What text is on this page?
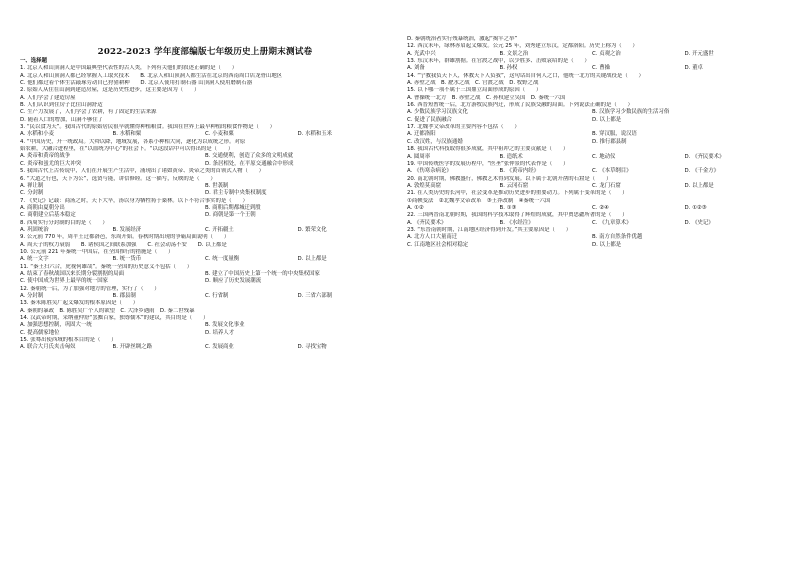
2022-2023 学年度部编版七年级历史上册期末测试卷
一、选择题
1. 北京人和山顶洞人是中国最典型代表性的古人类，下列有关他们的叙述正确的是（　　）
A. 北京人和山顶洞人都已经掌握人工取火技术　　B. 北京人和山顶洞人都生活在北京的西南周口店龙骨山地区
C. 他们都过着个体生活敲琢劳动自已狩猎耕种　　D. 北京人使用打制石器 山顶洞人使用磨制石器
2. 原始人从住在山洞到建造房屋，这是历史性进步，这主要是因为（　　）
A. 人们学会了建造房屋
B. 人们认识到住房子比住山洞舒适
C. 生产力发展了，人们学会了农耕，有了固定的生活来源
D. 随着人口的增加，山洞不够住了
3. “民以食为天”。我国古代的原始居民很早就懂得种植粮食。我国在世界上最早种植的粮食作物是（　　）
A. 水稻和小麦	B. 水稻和粟	C. 小麦和粟	D. 水稻和玉米
4. “中国历史，开一统政局。大舜以降，地域发展，各系小种相大同，逐化为以成统之形。对原
始农耕，大融合进程里，在“以血统为中心”的社会下。“以这段话中可以得出的是（　　）
A. 炎帝和黄帝的战争	B. 交通便利，创造了众多的文明成就
C. 炎帝和蚩尤的巨大冲突	D. 条居相处，在平原交通融合中形成
5. 我国古代上古传说中，人们在开展生产生活中，涌现出了诸如黄帝、炎帝之类的首领式人物（　　）
6. “大道之行也，天下为公”，选贤与能，讲信修睦。这一描写，反映的是（　　）
A. 禅让制	B. 世袭制
C. 分封制	D. 君主专制中央集权制度
7. 《史记》记载：商汤之时，天下大旱，汤以身为牺牲祷于桑林。以下不符合事实的是（　　）
A. 商朝由夏朝分出	B. 商朝后期都城迁到殷
C. 商朝建立后基本稳定	D. 商朝是第一个王朝
8. 西周实行分封制的目的是（　　）
A. 巩固统治	B. 发展经济	C. 开拓疆土	D. 繁荣文化
9. 公元前 770 年，周平王迁都洛邑，东周开始。春秋时期出现的争霸局面说明（　　）
A. 周天子的权力衰弱　　B. 诸侯国之间联系加强　　C. 社会动荡不安　　D. 以上都是
10. 公元前 221 年秦统一中国后，在全国推行的措施是（　　）
A. 统一文字	B. 统一货币	C. 统一度量衡	D. 以上都是
11. “秦王扫六合，虎视何雄哉”。秦统一全国的历史意义不包括（　　）
A. 结束了春秋战国以来长期分裂割据的局面	B. 建立了中国历史上第一个统一的中央集权国家
C. 使中国成为世界上最早的统一国家	D. 顺应了历史发展潮流
12. 秦朝统一后，为了加强对地方的管理，实行了（　　）
A. 分封制	B. 郡县制	C. 行省制	D. 三省六部制
13. 秦末陈胜吴广起义爆发的根本原因是（　　）
A. 秦朝的暴政　B. 陈胜吴广个人的欲望　C. 大泽乡遇雨　D. 秦二世残暴
14. 汉武帝时期，采纳董仲舒“罢黜百家，独尊儒术”的建议，其目的是（　　）
A. 加强思想控制，巩固大一统	B. 发展文化事业
C. 提高儒家地位	D. 培养人才
15. 张骞出使西域的根本目的是（　　）
A. 联合大月氏夹击匈奴	B. 开辟丝绸之路	C. 发展商业	D. 寻找宝物
D. 秦朝统治者实行残暴统治，激起“揭竿之举”
12. 西汉末年，绿林赤眉起义爆发。公元 25 年，刘秀建立东汉，定都洛阳。历史上称为（　　）
A. 光武中兴	B. 文景之治	C. 贞观之治	D. 开元盛世
13. 东汉末年，群雄割据。在官渡之战中，以少胜多、击败袁绍的是（　　）
A. 刘备	B. 孙权	C. 曹操	D. 董卓
14. “宁教我负天下人，休教天下人负我”，这句话出自何人之口，他统一北方的关键战役是（　　）
A. 赤壁之战　B. 淝水之战　C. 官渡之战　D. 牧野之战
15. 以下哪一项不属于三国鼎立局面形成的原因（　　）
A. 曹操统一北方　B. 赤壁之战　C. 孙权建立吴国　D. 秦统一六国
16. 西晋短暂统一后，北方游牧民族内迁，形成了民族交融的局面。下列说法正确的是（　　）
A. 少数民族学习汉族文化	B. 汉族学习少数民族的生活习俗
C. 促进了民族融合	D. 以上都是
17. 北魏孝文帝改革的主要内容不包括（　　）
A. 迁都洛阳	B. 穿汉服，说汉语
C. 改汉姓，与汉族通婚	D. 推行郡县制
18. 我国古代科技取得很多成就，其中祖冲之的主要贡献是（　　）
A. 圆周率	B. 造纸术	C. 地动仪	D. 《齐民要术》
19. 中国传统医学的发展历程中，“医圣”张仲景的代表作是（　　）
A. 《伤寒杂病论》	B. 《黄帝内经》	C. 《本草纲目》	D. 《千金方》
20. 南北朝时期，佛教盛行，佛教艺术得到发展。以下属于北朝开凿的石窟是（　　）
A. 敦煌莫高窟	B. 云冈石窟	C. 龙门石窟	D. 以上都是
21. 在人类历史的长河中，社会变革是推动历史进步的重要动力。下列属于变革的是（　　）
①商鞅变法　②北魏孝文帝改革　③王莽改制　④秦统一六国
A. ①②	B. ①③	C. ②④	D. ①②③
22. 三国两晋南北朝时期，我国的科学技术取得了辉煌的成就，其中贾思勰所著的是（　　）
A. 《齐民要术》	B. 《水经注》	C. 《九章算术》	D. 《史记》
23. “东晋南朝时期，江南地区经济得到开发。”其主要原因是（　　）
A. 北方人口大量南迁	B. 南方自然条件优越
C. 江南地区社会相对稳定	D. 以上都是
